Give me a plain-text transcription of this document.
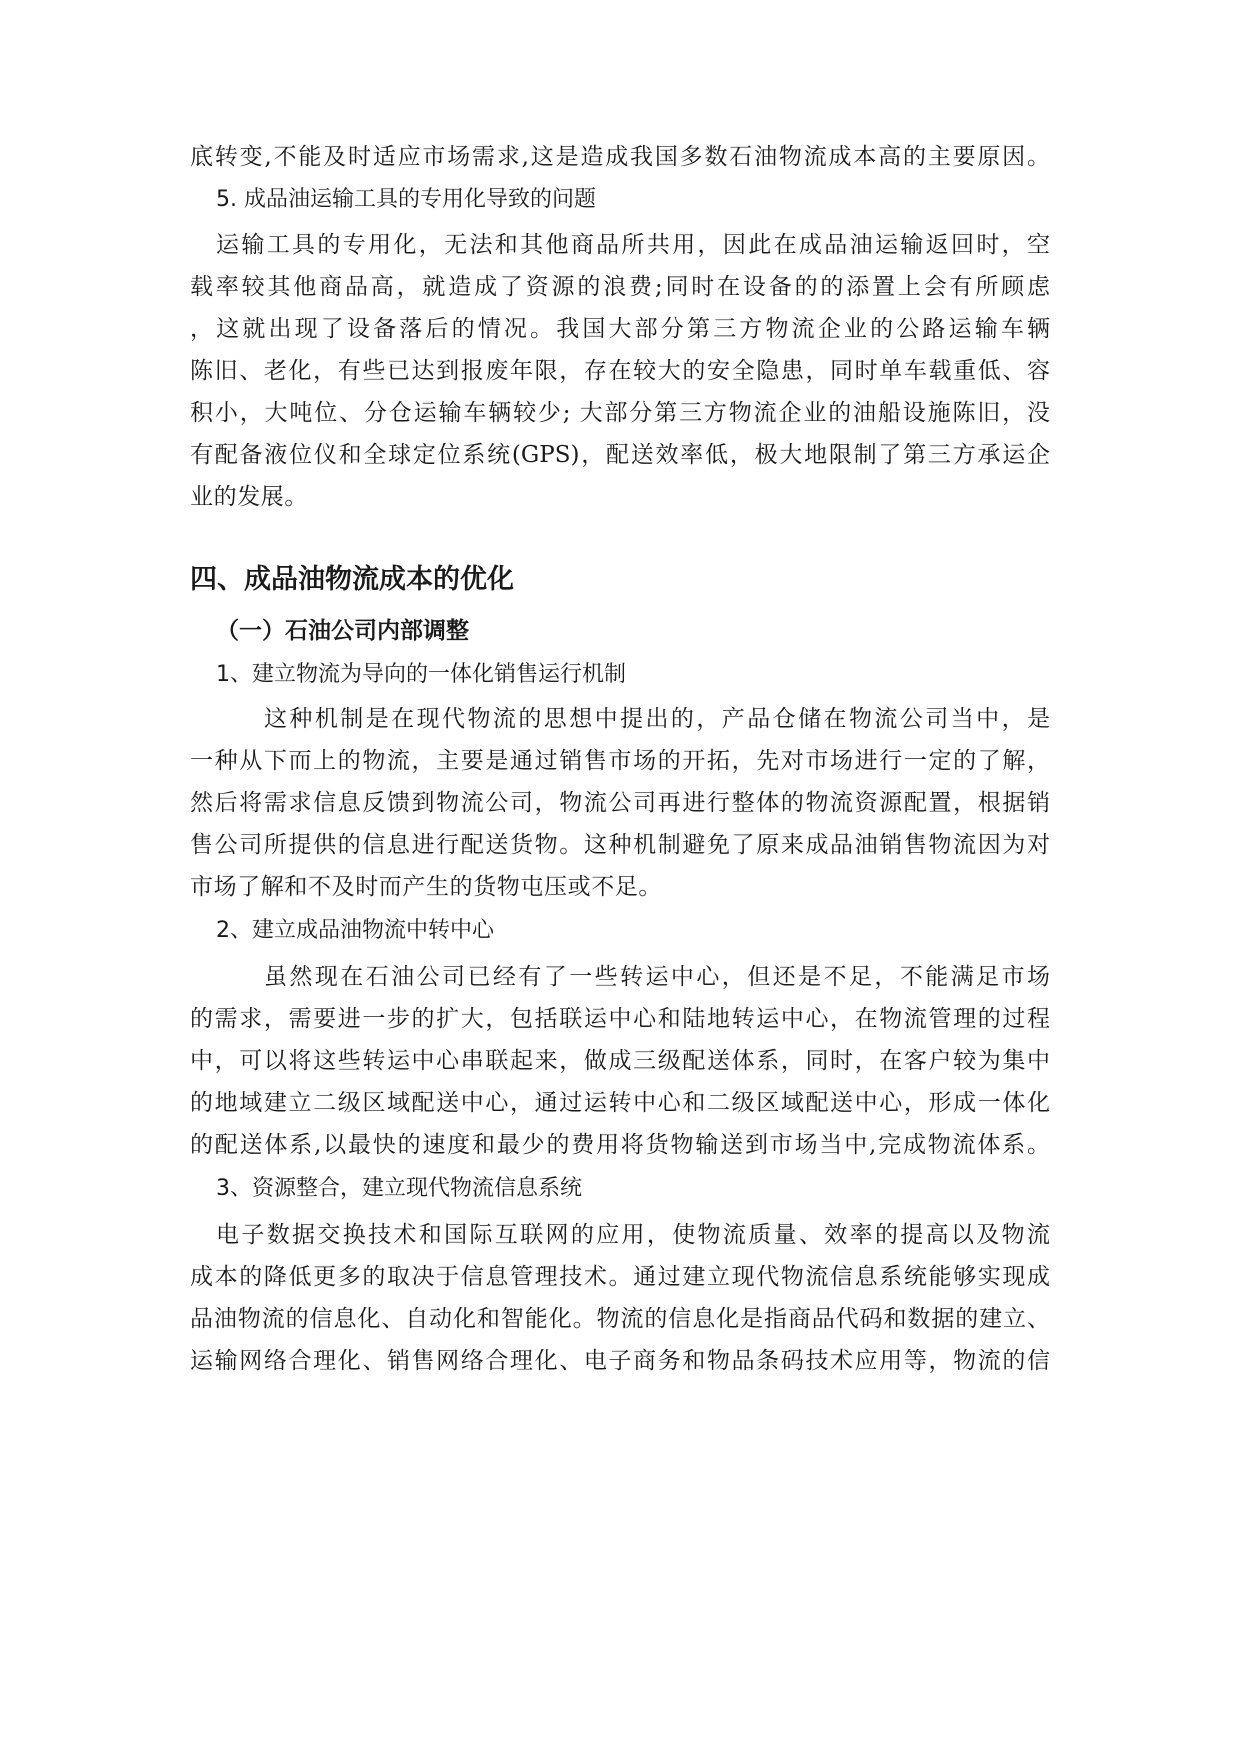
底转变,不能及时适应市场需求,这是造成我国多数石油物流成本高的主要原因。
5. 成品油运输工具的专用化导致的问题
运输工具的专用化，无法和其他商品所共用，因此在成品油运输返回时，空
载率较其他商品高，就造成了资源的浪费;同时在设备的的添置上会有所顾虑
，这就出现了设备落后的情况。我国大部分第三方物流企业的公路运输车辆
陈旧、老化，有些已达到报废年限，存在较大的安全隐患，同时单车载重低、容
积小，大吨位、分仓运输车辆较少; 大部分第三方物流企业的油船设施陈旧，没
有配备液位仪和全球定位系统(GPS)，配送效率低，极大地限制了第三方承运企
业的发展。
四、成品油物流成本的优化
（一）石油公司内部调整
1、建立物流为导向的一体化销售运行机制
这种机制是在现代物流的思想中提出的，产品仓储在物流公司当中，是
一种从下而上的物流，主要是通过销售市场的开拓，先对市场进行一定的了解，
然后将需求信息反馈到物流公司，物流公司再进行整体的物流资源配置，根据销
售公司所提供的信息进行配送货物。这种机制避免了原来成品油销售物流因为对
市场了解和不及时而产生的货物屯压或不足。
2、建立成品油物流中转中心
虽然现在石油公司已经有了一些转运中心，但还是不足，不能满足市场
的需求，需要进一步的扩大，包括联运中心和陆地转运中心，在物流管理的过程
中，可以将这些转运中心串联起来，做成三级配送体系，同时，在客户较为集中
的地域建立二级区域配送中心，通过运转中心和二级区域配送中心，形成一体化
的配送体系,以最快的速度和最少的费用将货物输送到市场当中,完成物流体系。
3、资源整合，建立现代物流信息系统
电子数据交换技术和国际互联网的应用，使物流质量、效率的提高以及物流
成本的降低更多的取决于信息管理技术。通过建立现代物流信息系统能够实现成
品油物流的信息化、自动化和智能化。物流的信息化是指商品代码和数据的建立、
运输网络合理化、销售网络合理化、电子商务和物品条码技术应用等，物流的信
